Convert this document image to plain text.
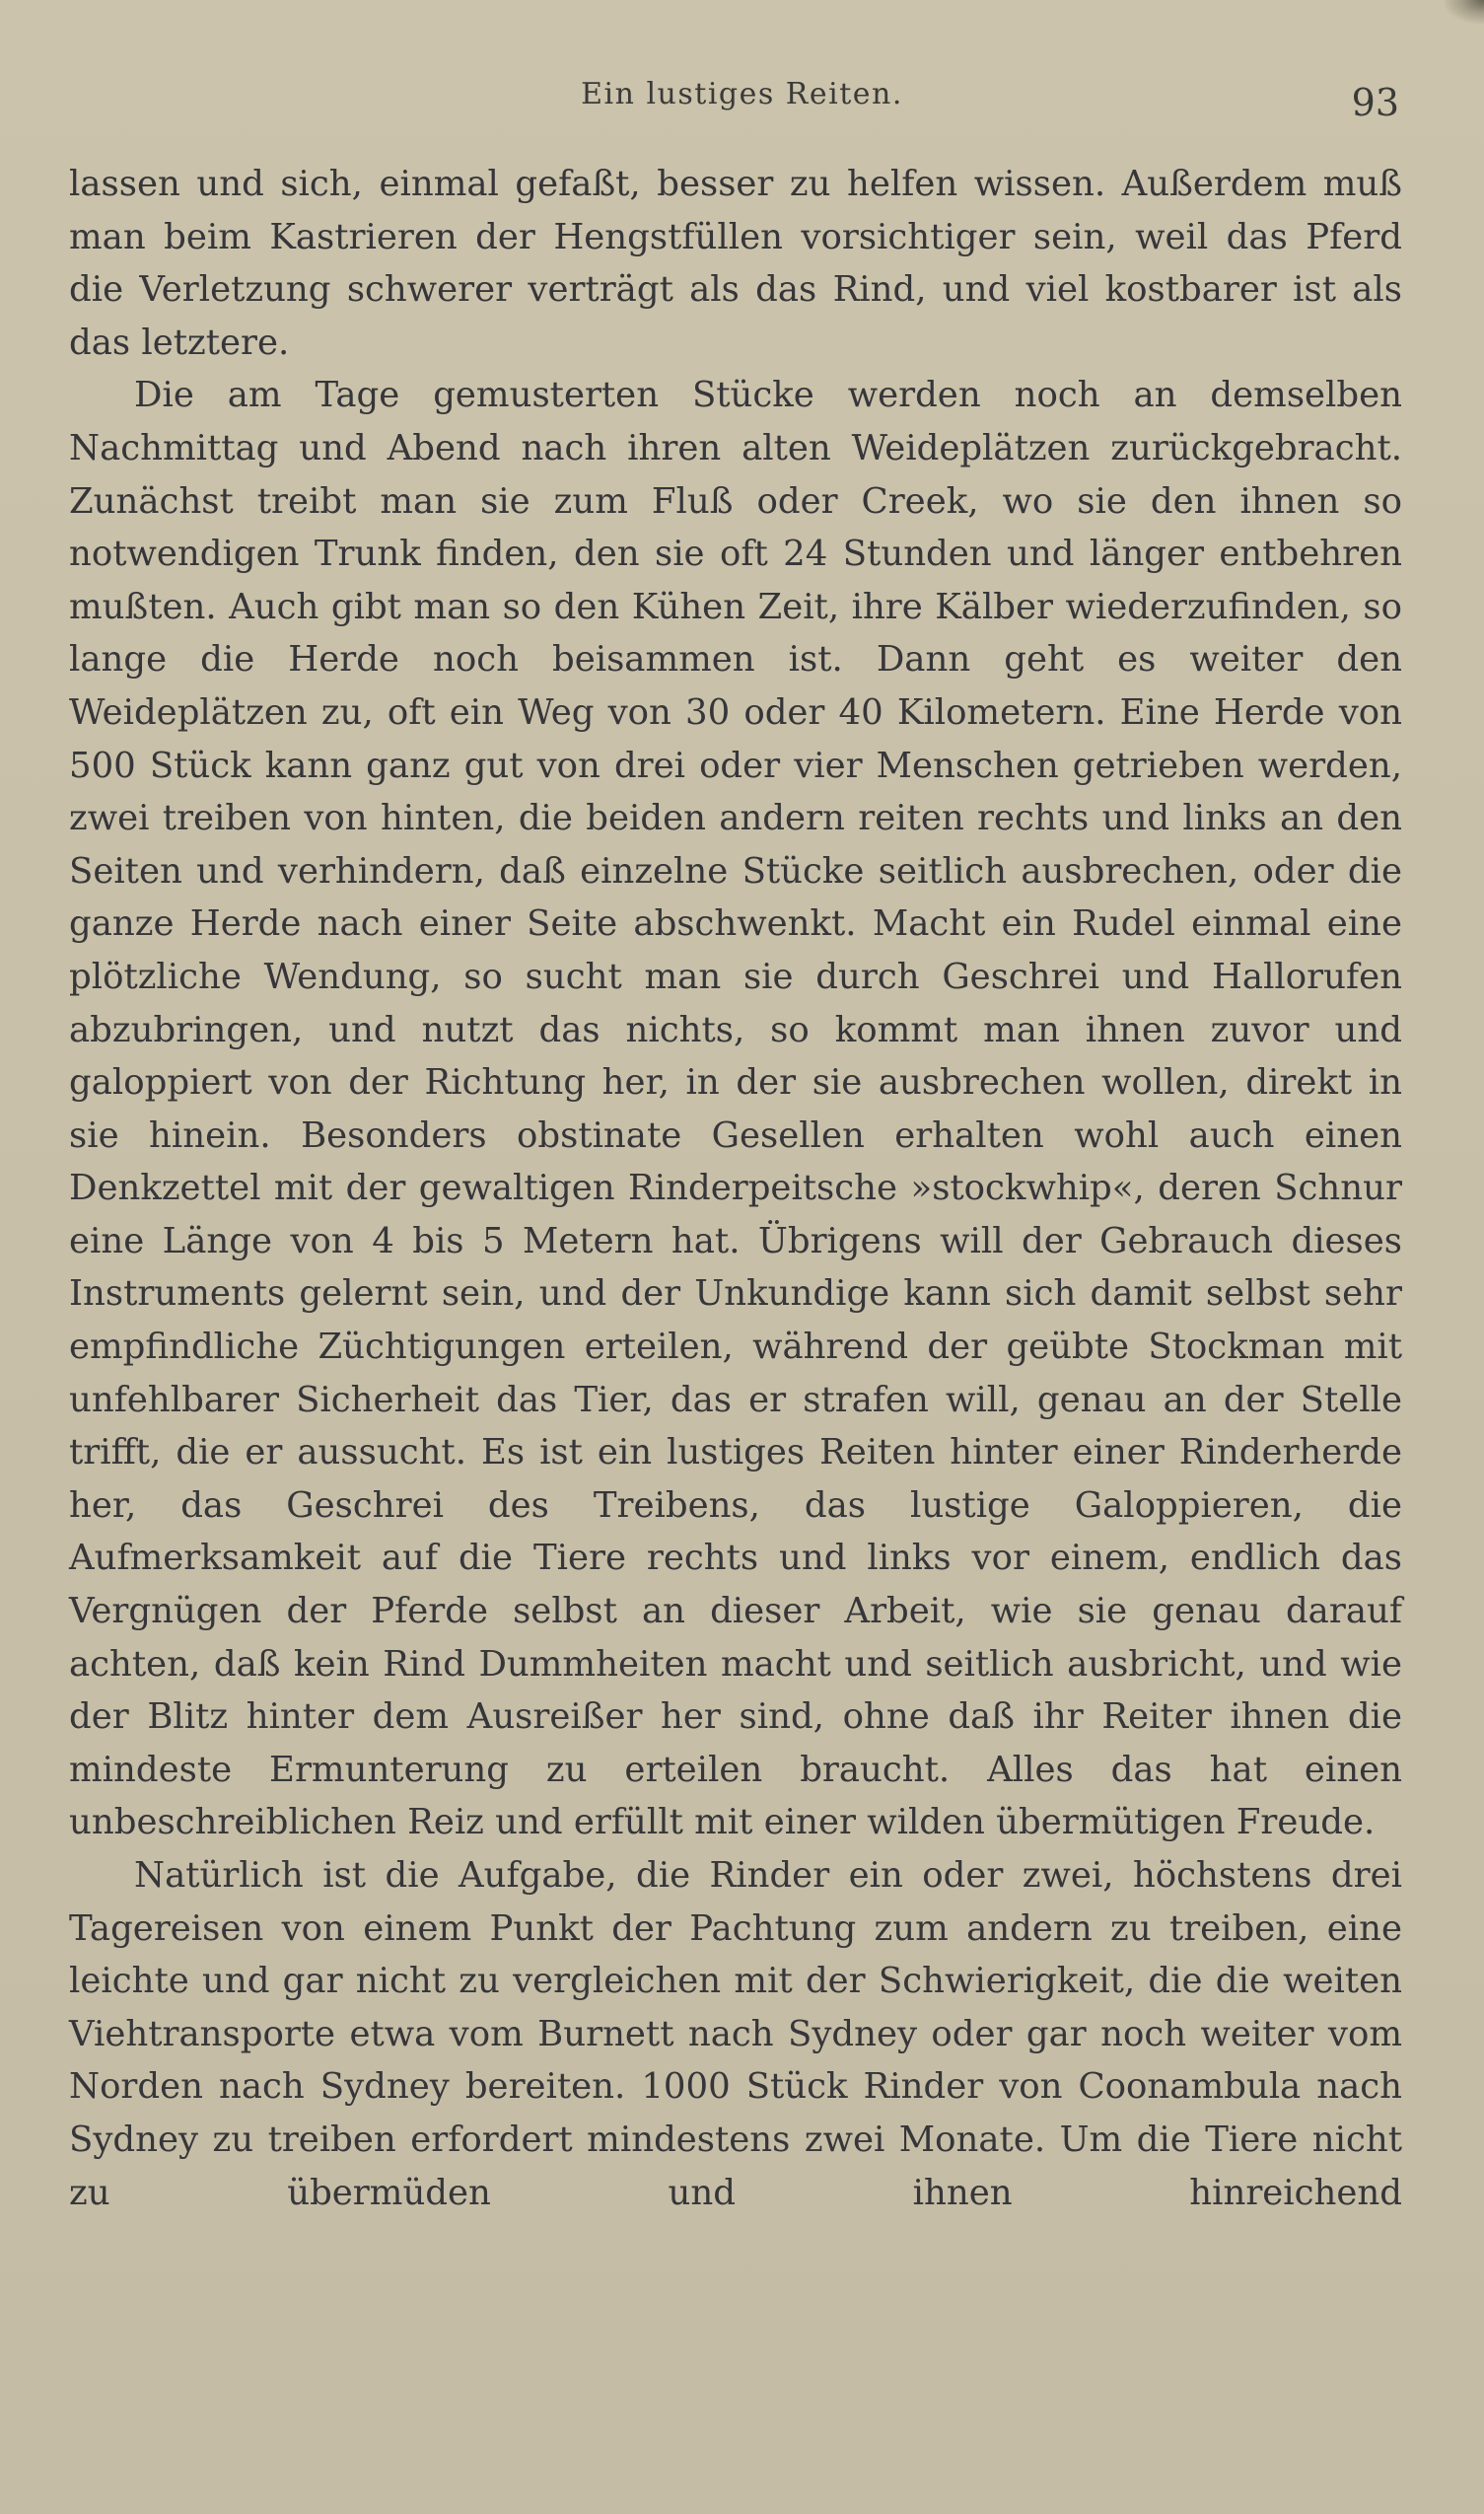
Ein lustiges Reiten.	93

lassen und sich, einmal gefaßt, besser zu helfen wissen. Außerdem muß man beim Kastrieren der Hengstfüllen vorsichtiger sein, weil das Pferd die Verletzung schwerer verträgt als das Rind, und viel kostbarer ist als das letztere.

Die am Tage gemusterten Stücke werden noch an demselben Nachmittag und Abend nach ihren alten Weideplätzen zurückgebracht. Zunächst treibt man sie zum Fluß oder Creek, wo sie den ihnen so notwendigen Trunk finden, den sie oft 24 Stunden und länger entbehren mußten. Auch gibt man so den Kühen Zeit, ihre Kälber wiederzufinden, so lange die Herde noch beisammen ist. Dann geht es weiter den Weideplätzen zu, oft ein Weg von 30 oder 40 Kilometern. Eine Herde von 500 Stück kann ganz gut von drei oder vier Menschen getrieben werden, zwei treiben von hinten, die beiden andern reiten rechts und links an den Seiten und verhindern, daß einzelne Stücke seitlich ausbrechen, oder die ganze Herde nach einer Seite abschwenkt. Macht ein Rudel einmal eine plötzliche Wendung, so sucht man sie durch Geschrei und Hallorufen abzubringen, und nutzt das nichts, so kommt man ihnen zuvor und galoppiert von der Richtung her, in der sie ausbrechen wollen, direkt in sie hinein. Besonders obstinate Gesellen erhalten wohl auch einen Denkzettel mit der gewaltigen Rinderpeitsche »stockwhip«, deren Schnur eine Länge von 4 bis 5 Metern hat. Übrigens will der Gebrauch dieses Instruments gelernt sein, und der Unkundige kann sich damit selbst sehr empfindliche Züchtigungen erteilen, während der geübte Stockman mit unfehlbarer Sicherheit das Tier, das er strafen will, genau an der Stelle trifft, die er aussucht. Es ist ein lustiges Reiten hinter einer Rinderherde her, das Geschrei des Treibens, das lustige Galoppieren, die Aufmerksamkeit auf die Tiere rechts und links vor einem, endlich das Vergnügen der Pferde selbst an dieser Arbeit, wie sie genau darauf achten, daß kein Rind Dummheiten macht und seitlich ausbricht, und wie der Blitz hinter dem Ausreißer her sind, ohne daß ihr Reiter ihnen die mindeste Ermunterung zu erteilen braucht. Alles das hat einen unbeschreiblichen Reiz und erfüllt mit einer wilden übermütigen Freude.

Natürlich ist die Aufgabe, die Rinder ein oder zwei, höchstens drei Tagereisen von einem Punkt der Pachtung zum andern zu treiben, eine leichte und gar nicht zu vergleichen mit der Schwierigkeit, die die weiten Viehtransporte etwa vom Burnett nach Sydney oder gar noch weiter vom Norden nach Sydney bereiten. 1000 Stück Rinder von Coonambula nach Sydney zu treiben erfordert mindestens zwei Monate. Um die Tiere nicht zu übermüden und ihnen hinreichend
